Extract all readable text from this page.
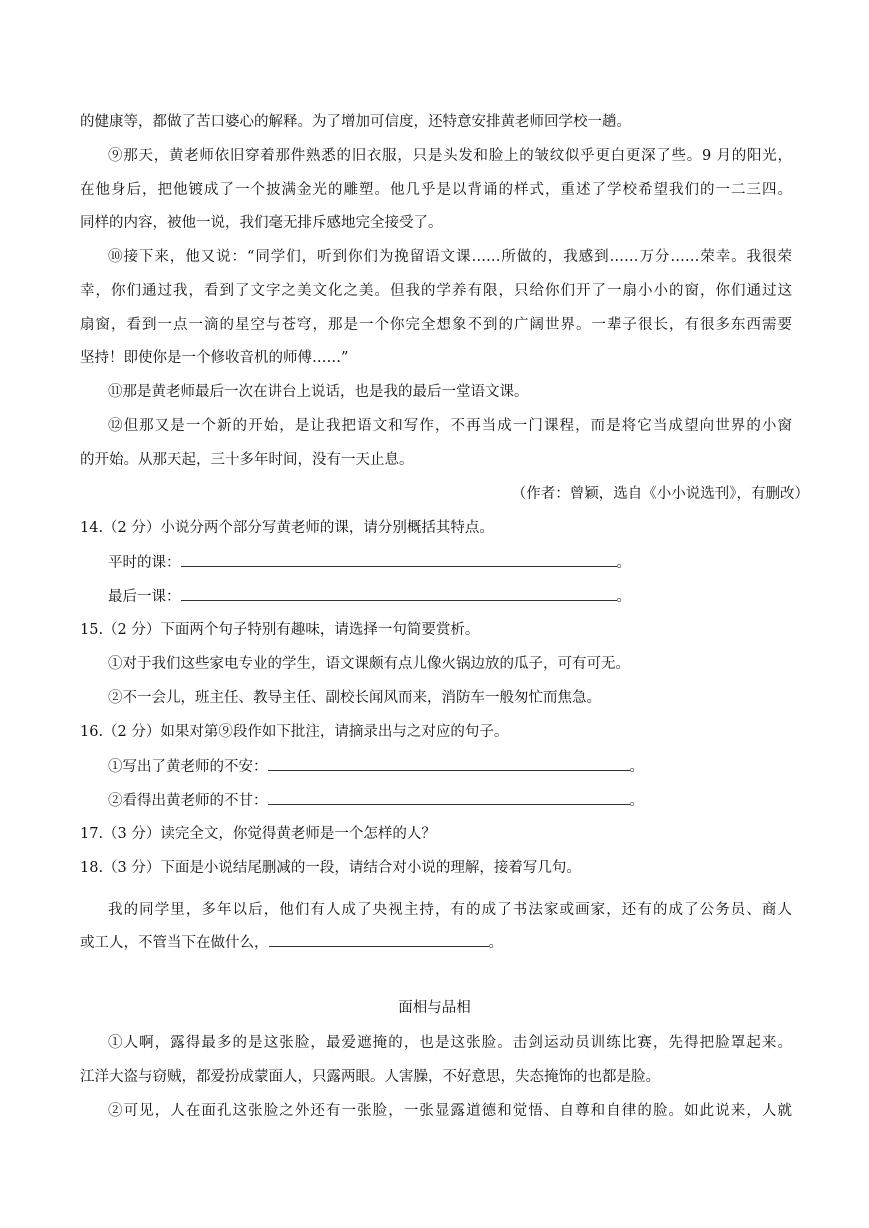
的健康等，都做了苦口婆心的解释。为了增加可信度，还特意安排黄老师回学校一趟。
⑨那天，黄老师依旧穿着那件熟悉的旧衣服，只是头发和脸上的皱纹似乎更白更深了些。9 月的阳光，
在他身后，把他镀成了一个披满金光的雕塑。他几乎是以背诵的样式，重述了学校希望我们的一二三四。
同样的内容，被他一说，我们毫无排斥感地完全接受了。
⑩接下来，他又说：“同学们，听到你们为挽留语文课……所做的，我感到……万分……荣幸。我很荣
幸，你们通过我，看到了文字之美文化之美。但我的学养有限，只给你们开了一扇小小的窗，你们通过这
扇窗，看到一点一滴的星空与苍穹，那是一个你完全想象不到的广阔世界。一辈子很长，有很多东西需要
坚持！即使你是一个修收音机的师傅……”
⑪那是黄老师最后一次在讲台上说话，也是我的最后一堂语文课。
⑫但那又是一个新的开始，是让我把语文和写作，不再当成一门课程，而是将它当成望向世界的小窗
的开始。从那天起，三十多年时间，没有一天止息。
（作者：曾颖，选自《小小说选刊》，有删改）
14.（2 分）小说分两个部分写黄老师的课，请分别概括其特点。
平时的课：	。
最后一课：	。
15.（2 分）下面两个句子特别有趣味，请选择一句简要赏析。
①对于我们这些家电专业的学生，语文课颇有点儿像火锅边放的瓜子，可有可无。
②不一会儿，班主任、教导主任、副校长闻风而来，消防车一般匆忙而焦急。
16.（2 分）如果对第⑨段作如下批注，请摘录出与之对应的句子。
①写出了黄老师的不安：	。
②看得出黄老师的不甘：	。
17.（3 分）读完全文，你觉得黄老师是一个怎样的人？
18.（3 分）下面是小说结尾删减的一段，请结合对小说的理解，接着写几句。
我的同学里，多年以后，他们有人成了央视主持，有的成了书法家或画家，还有的成了公务员、商人
或工人，不管当下在做什么，	。
面相与品相
①人啊，露得最多的是这张脸，最爱遮掩的，也是这张脸。击剑运动员训练比赛，先得把脸罩起来。
江洋大盗与窃贼，都爱扮成蒙面人，只露两眼。人害臊，不好意思，失态掩饰的也都是脸。
②可见，人在面孔这张脸之外还有一张脸，一张显露道德和觉悟、自尊和自律的脸。如此说来，人就
